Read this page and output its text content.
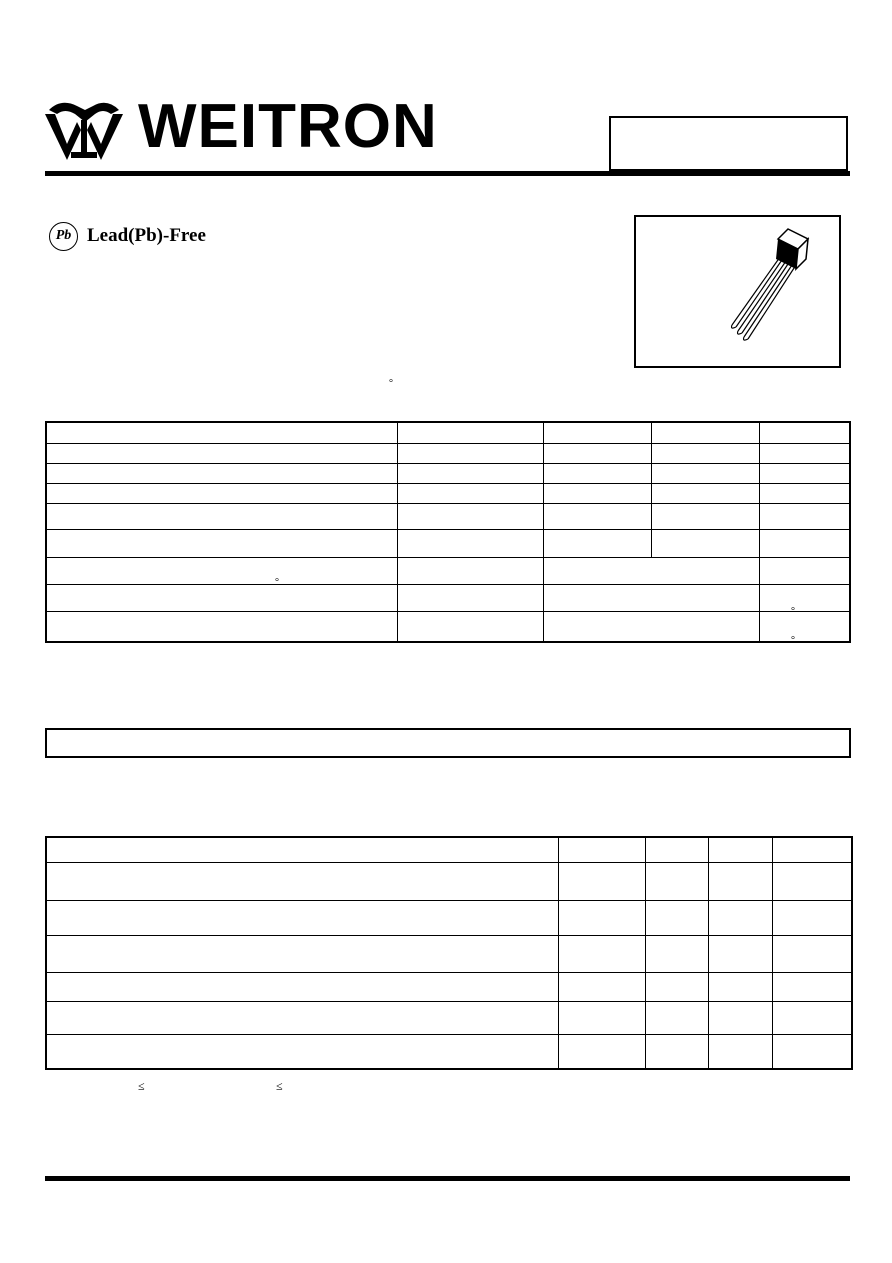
WEITRON
Pb Lead(Pb)-Free
°

°
°
°

≤	≤
